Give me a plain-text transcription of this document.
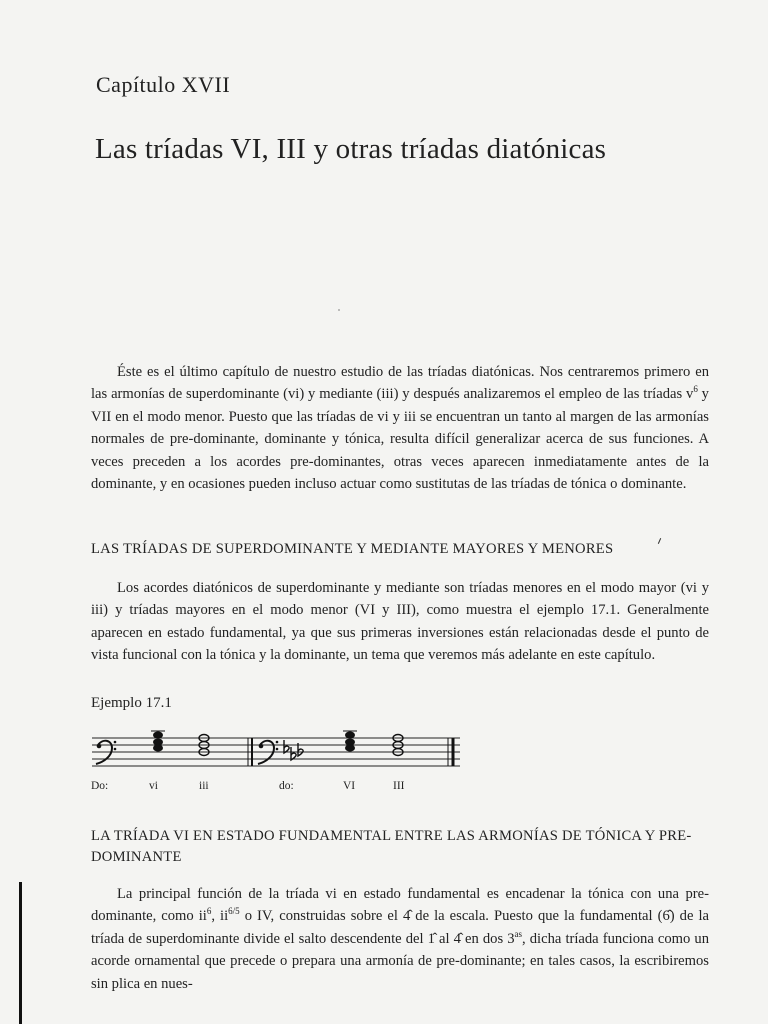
Capítulo XVII
Las tríadas VI, III y otras tríadas diatónicas
Éste es el último capítulo de nuestro estudio de las tríadas diatónicas. Nos centraremos primero en las armonías de superdominante (vi) y mediante (iii) y después analizaremos el empleo de las tríadas $v^6$ y VII en el modo menor. Puesto que las tríadas de vi y iii se encuentran un tanto al margen de las armonías normales de pre-dominante, dominante y tónica, resulta difícil generalizar acerca de sus funciones. A veces preceden a los acordes pre-dominantes, otras veces aparecen inmediatamente antes de la dominante, y en ocasiones pueden incluso actuar como sustitutas de las tríadas de tónica o dominante.
LAS TRÍADAS DE SUPERDOMINANTE Y MEDIANTE MAYORES Y MENORES
Los acordes diatónicos de superdominante y mediante son tríadas menores en el modo mayor (vi y iii) y tríadas mayores en el modo menor (VI y III), como muestra el ejemplo 17.1. Generalmente aparecen en estado fundamental, ya que sus primeras inversiones están relacionadas desde el punto de vista funcional con la tónica y la dominante, un tema que veremos más adelante en este capítulo.
Ejemplo 17.1
Do:	vi	iii	do:	VI	III
LA TRÍADA VI EN ESTADO FUNDAMENTAL ENTRE LAS ARMONÍAS DE TÓNICA Y PRE-DOMINANTE
La principal función de la tríada vi en estado fundamental es encadenar la tónica con una pre-dominante, como $ii^6$, $ii^{6/5}$ o IV, construidas sobre el 4̂ de la escala. Puesto que la fundamental (6̂) de la tríada de superdominante divide el salto descendente del 1̂ al 4̂ en dos $3^{as}$, dicha tríada funciona como un acorde ornamental que precede o prepara una armonía de pre-dominante; en tales casos, la escribiremos sin plica en nues-
